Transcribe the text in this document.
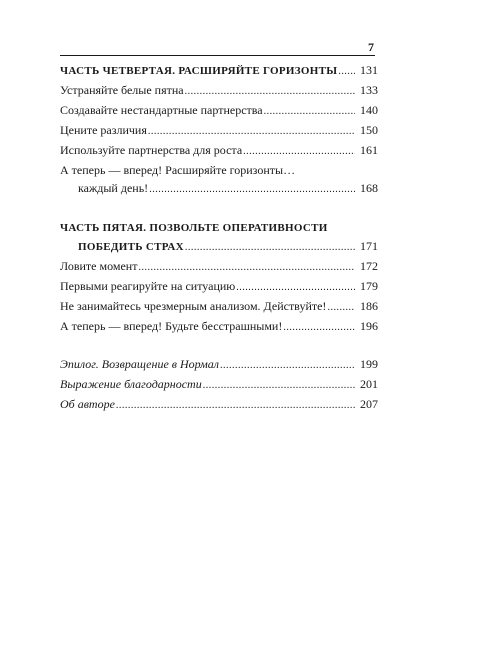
7
ЧАСТЬ ЧЕТВЕРТАЯ. РАСШИРЯЙТЕ ГОРИЗОНТЫ .....	131
Устраняйте белые пятна .....	133
Создавайте нестандартные партнерства .....	140
Цените различия .....	150
Используйте партнерства для роста .....	161
А теперь — вперед! Расширяйте горизонты…
каждый день! .....	168
ЧАСТЬ ПЯТАЯ. ПОЗВОЛЬТЕ ОПЕРАТИВНОСТИ
ПОБЕДИТЬ СТРАХ .....	171
Ловите момент .....	172
Первыми реагируйте на ситуацию .....	179
Не занимайтесь чрезмерным анализом. Действуйте! .....	186
А теперь — вперед! Будьте бесстрашными! .....	196
Эпилог. Возвращение в Нормал .....	199
Выражение благодарности .....	201
Об авторе .....	207
